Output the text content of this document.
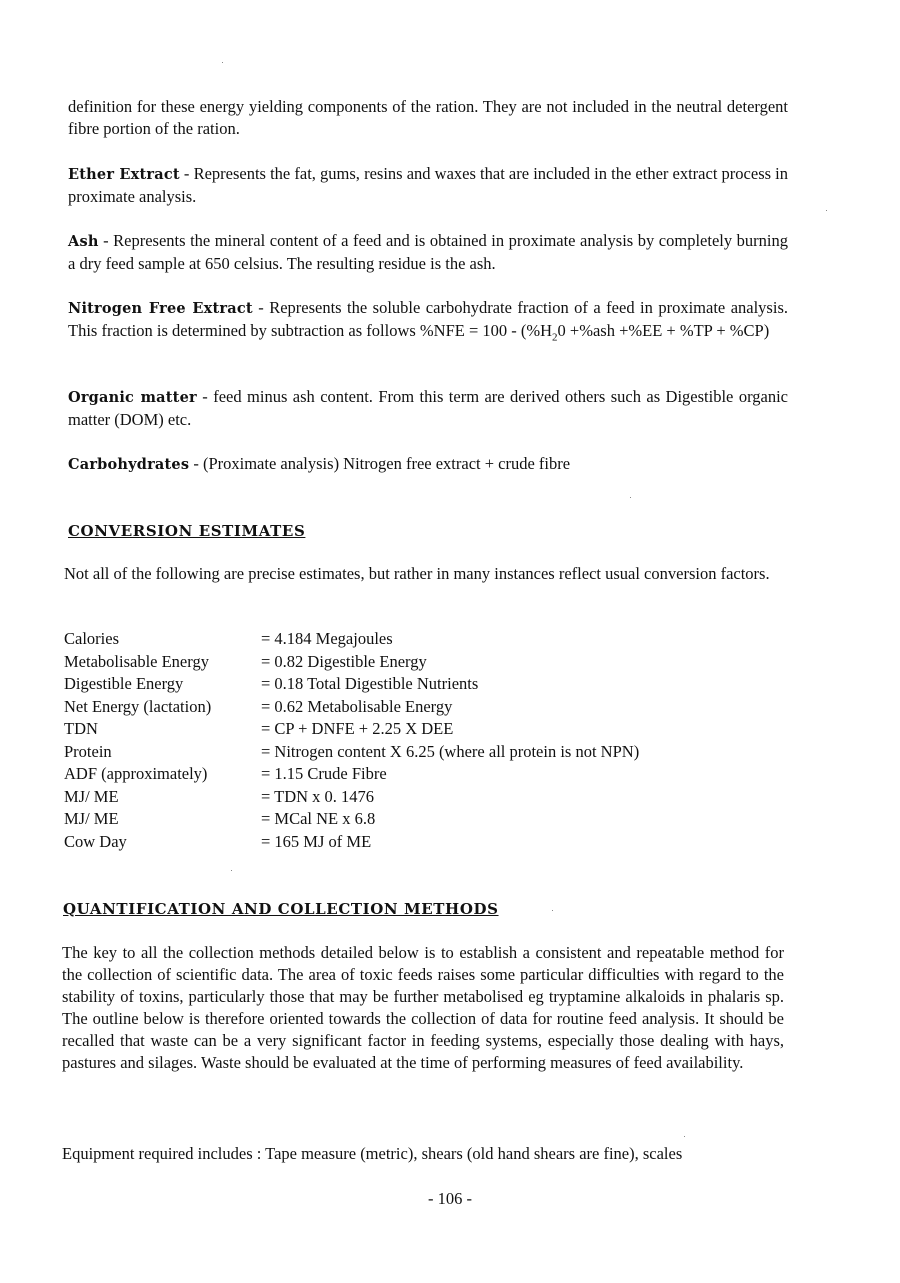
definition for these energy yielding components of the ration. They are not included in the neutral detergent fibre portion of the ration.

Ether Extract - Represents the fat, gums, resins and waxes that are included in the ether extract process in proximate analysis.

Ash - Represents the mineral content of a feed and is obtained in proximate analysis by completely burning a dry feed sample at 650 celsius. The resulting residue is the ash.

Nitrogen Free Extract - Represents the soluble carbohydrate fraction of a feed in proximate analysis. This fraction is determined by subtraction as follows $\%NFE = 100 - (\%H_20 +\%ash +\%EE + \%TP + \%CP)$

Organic matter - feed minus ash content. From this term are derived others such as Digestible organic matter (DOM) etc.

Carbohydrates - (Proximate analysis) Nitrogen free extract + crude fibre

CONVERSION ESTIMATES

Not all of the following are precise estimates, but rather in many instances reflect usual conversion factors.

Calories	= 4.184 Megajoules
Metabolisable Energy	= 0.82 Digestible Energy
Digestible Energy	= 0.18 Total Digestible Nutrients
Net Energy (lactation)	= 0.62 Metabolisable Energy
TDN	= CP + DNFE + 2.25 X DEE
Protein	= Nitrogen content X 6.25 (where all protein is not NPN)
ADF (approximately)	= 1.15 Crude Fibre
MJ/ ME	= TDN x 0. 1476
MJ/ ME	= MCal NE x 6.8
Cow Day	= 165 MJ of ME
QUANTIFICATION AND COLLECTION METHODS

The key to all the collection methods detailed below is to establish a consistent and repeatable method for the collection of scientific data. The area of toxic feeds raises some particular difficulties with regard to the stability of toxins, particularly those that may be further metabolised eg tryptamine alkaloids in phalaris sp. The outline below is therefore oriented towards the collection of data for routine feed analysis. It should be recalled that waste can be a very significant factor in feeding systems, especially those dealing with hays, pastures and silages. Waste should be evaluated at the time of performing measures of feed availability.

Equipment required includes : Tape measure (metric), shears (old hand shears are fine), scales

- 106 -
